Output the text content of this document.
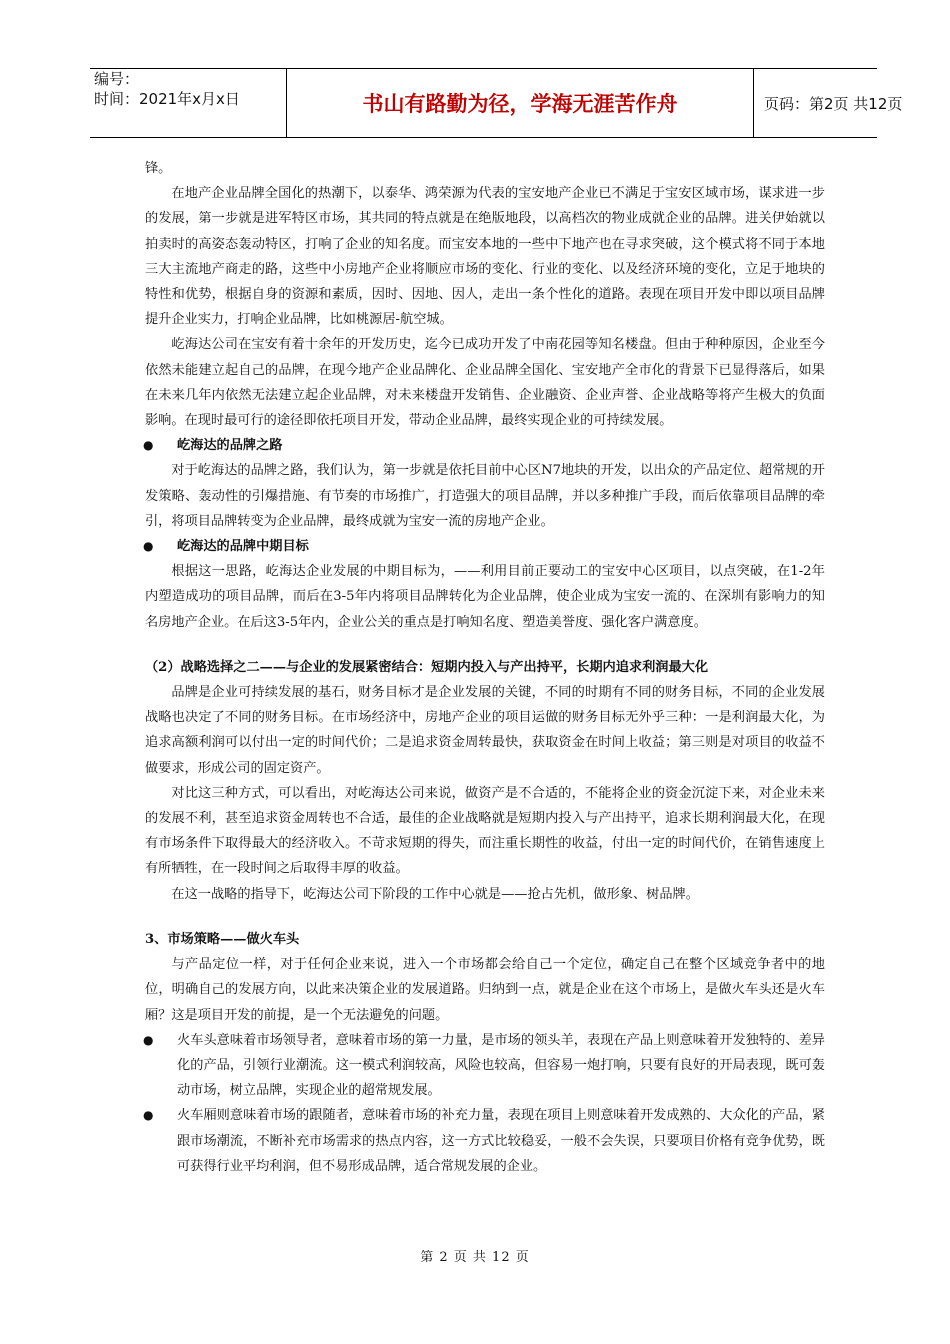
编号：
时间：2021年x月x日	书山有路勤为径，学海无涯苦作舟	页码：第2页 共12页

锋。

在地产企业品牌全国化的热潮下，以泰华、鸿荣源为代表的宝安地产企业已不满足于宝安区域市场，谋求进一步的发展，第一步就是进军特区市场，其共同的特点就是在绝版地段，以高档次的物业成就企业的品牌。进关伊始就以拍卖时的高姿态轰动特区，打响了企业的知名度。而宝安本地的一些中下地产也在寻求突破，这个模式将不同于本地三大主流地产商走的路，这些中小房地产企业将顺应市场的变化、行业的变化、以及经济环境的变化，立足于地块的特性和优势，根据自身的资源和素质，因时、因地、因人，走出一条个性化的道路。表现在项目开发中即以项目品牌提升企业实力，打响企业品牌，比如桃源居-航空城。

屹海达公司在宝安有着十余年的开发历史，迄今已成功开发了中南花园等知名楼盘。但由于种种原因，企业至今依然未能建立起自己的品牌，在现今地产企业品牌化、企业品牌全国化、宝安地产全市化的背景下已显得落后，如果在未来几年内依然无法建立起企业品牌，对未来楼盘开发销售、企业融资、企业声誉、企业战略等将产生极大的负面影响。在现时最可行的途径即依托项目开发，带动企业品牌，最终实现企业的可持续发展。

● 屹海达的品牌之路

对于屹海达的品牌之路，我们认为，第一步就是依托目前中心区N7地块的开发，以出众的产品定位、超常规的开发策略、轰动性的引爆措施、有节奏的市场推广，打造强大的项目品牌，并以多种推广手段，而后依靠项目品牌的牵引，将项目品牌转变为企业品牌，最终成就为宝安一流的房地产企业。

● 屹海达的品牌中期目标

根据这一思路，屹海达企业发展的中期目标为，——利用目前正要动工的宝安中心区项目，以点突破，在1-2年内塑造成功的项目品牌，而后在3-5年内将项目品牌转化为企业品牌，使企业成为宝安一流的、在深圳有影响力的知名房地产企业。在后这3-5年内，企业公关的重点是打响知名度、塑造美誉度、强化客户满意度。

（2）战略选择之二——与企业的发展紧密结合：短期内投入与产出持平，长期内追求利润最大化

品牌是企业可持续发展的基石，财务目标才是企业发展的关键，不同的时期有不同的财务目标，不同的企业发展战略也决定了不同的财务目标。在市场经济中，房地产企业的项目运做的财务目标无外乎三种：一是利润最大化，为追求高额利润可以付出一定的时间代价；二是追求资金周转最快，获取资金在时间上收益；第三则是对项目的收益不做要求，形成公司的固定资产。

对比这三种方式，可以看出，对屹海达公司来说，做资产是不合适的，不能将企业的资金沉淀下来，对企业未来的发展不利，甚至追求资金周转也不合适，最佳的企业战略就是短期内投入与产出持平，追求长期利润最大化，在现有市场条件下取得最大的经济收入。不苛求短期的得失，而注重长期性的收益，付出一定的时间代价，在销售速度上有所牺牲，在一段时间之后取得丰厚的收益。

在这一战略的指导下，屹海达公司下阶段的工作中心就是——抢占先机，做形象、树品牌。

3、市场策略——做火车头

与产品定位一样，对于任何企业来说，进入一个市场都会给自己一个定位，确定自己在整个区域竞争者中的地位，明确自己的发展方向，以此来决策企业的发展道路。归纳到一点，就是企业在这个市场上，是做火车头还是火车厢？这是项目开发的前提，是一个无法避免的问题。

● 火车头意味着市场领导者，意味着市场的第一力量，是市场的领头羊，表现在产品上则意味着开发独特的、差异化的产品，引领行业潮流。这一模式利润较高，风险也较高，但容易一炮打响，只要有良好的开局表现，既可轰动市场，树立品牌，实现企业的超常规发展。

● 火车厢则意味着市场的跟随者，意味着市场的补充力量，表现在项目上则意味着开发成熟的、大众化的产品，紧跟市场潮流，不断补充市场需求的热点内容，这一方式比较稳妥，一般不会失误，只要项目价格有竞争优势，既可获得行业平均利润，但不易形成品牌，适合常规发展的企业。

第 2 页 共 12 页
